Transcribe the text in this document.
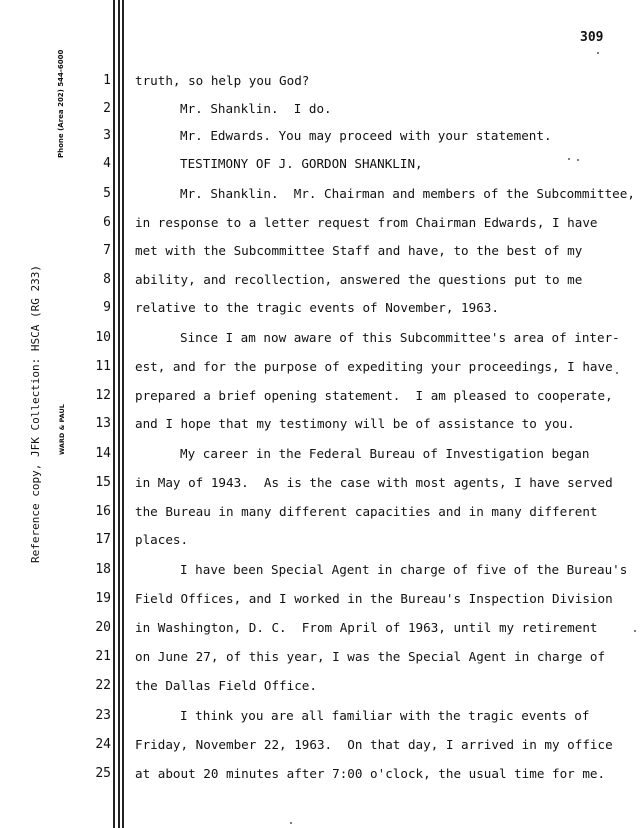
309
Phone (Area 202) 544-6000
Reference copy, JFK Collection: HSCA (RG 233) WARD & PAUL
1 truth, so help you God?
2	Mr. Shanklin.  I do.
3	Mr. Edwards. You may proceed with your statement.
4	TESTIMONY OF J. GORDON SHANKLIN,
5	Mr. Shanklin.  Mr. Chairman and members of the Subcommittee,
6 in response to a letter request from Chairman Edwards, I have
7 met with the Subcommittee Staff and have, to the best of my
8 ability, and recollection, answered the questions put to me
9 relative to the tragic events of November, 1963.
10	Since I am now aware of this Subcommittee's area of inter-
11 est, and for the purpose of expediting your proceedings, I have
12 prepared a brief opening statement.  I am pleased to cooperate,
13 and I hope that my testimony will be of assistance to you.
14	My career in the Federal Bureau of Investigation began
15 in May of 1943.  As is the case with most agents, I have served
16 the Bureau in many different capacities and in many different
17 places.
18	I have been Special Agent in charge of five of the Bureau's
19 Field Offices, and I worked in the Bureau's Inspection Division
20 in Washington, D. C.  From April of 1963, until my retirement
21 on June 27, of this year, I was the Special Agent in charge of
22 the Dallas Field Office.
23	I think you are all familiar with the tragic events of
24 Friday, November 22, 1963.  On that day, I arrived in my office
25 at about 20 minutes after 7:00 o'clock, the usual time for me.
